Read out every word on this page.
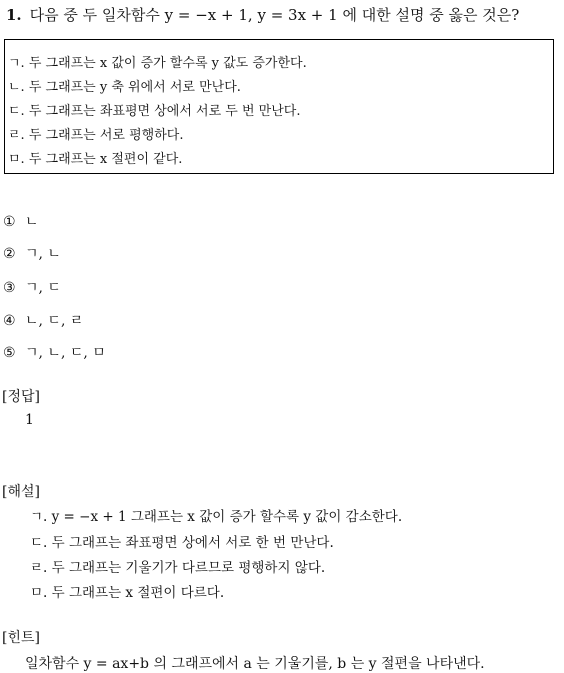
1. 다음 중 두 일차함수 y = −x + 1, y = 3x + 1 에 대한 설명 중 옳은 것은?
ㄱ. 두 그래프는 x 값이 증가 할수록 y 값도 증가한다.
ㄴ. 두 그래프는 y 축 위에서 서로 만난다.
ㄷ. 두 그래프는 좌표평면 상에서 서로 두 번 만난다.
ㄹ. 두 그래프는 서로 평행하다.
ㅁ. 두 그래프는 x 절편이 같다.
① ㄴ
② ㄱ, ㄴ
③ ㄱ, ㄷ
④ ㄴ, ㄷ, ㄹ
⑤ ㄱ, ㄴ, ㄷ, ㅁ
[정답]
1
[해설]
ㄱ. y = −x + 1 그래프는 x 값이 증가 할수록 y 값이 감소한다.
ㄷ. 두 그래프는 좌표평면 상에서 서로 한 번 만난다.
ㄹ. 두 그래프는 기울기가 다르므로 평행하지 않다.
ㅁ. 두 그래프는 x 절편이 다르다.
[힌트]
일차함수 y = ax+b 의 그래프에서 a 는 기울기를, b 는 y 절편을 나타낸다.
